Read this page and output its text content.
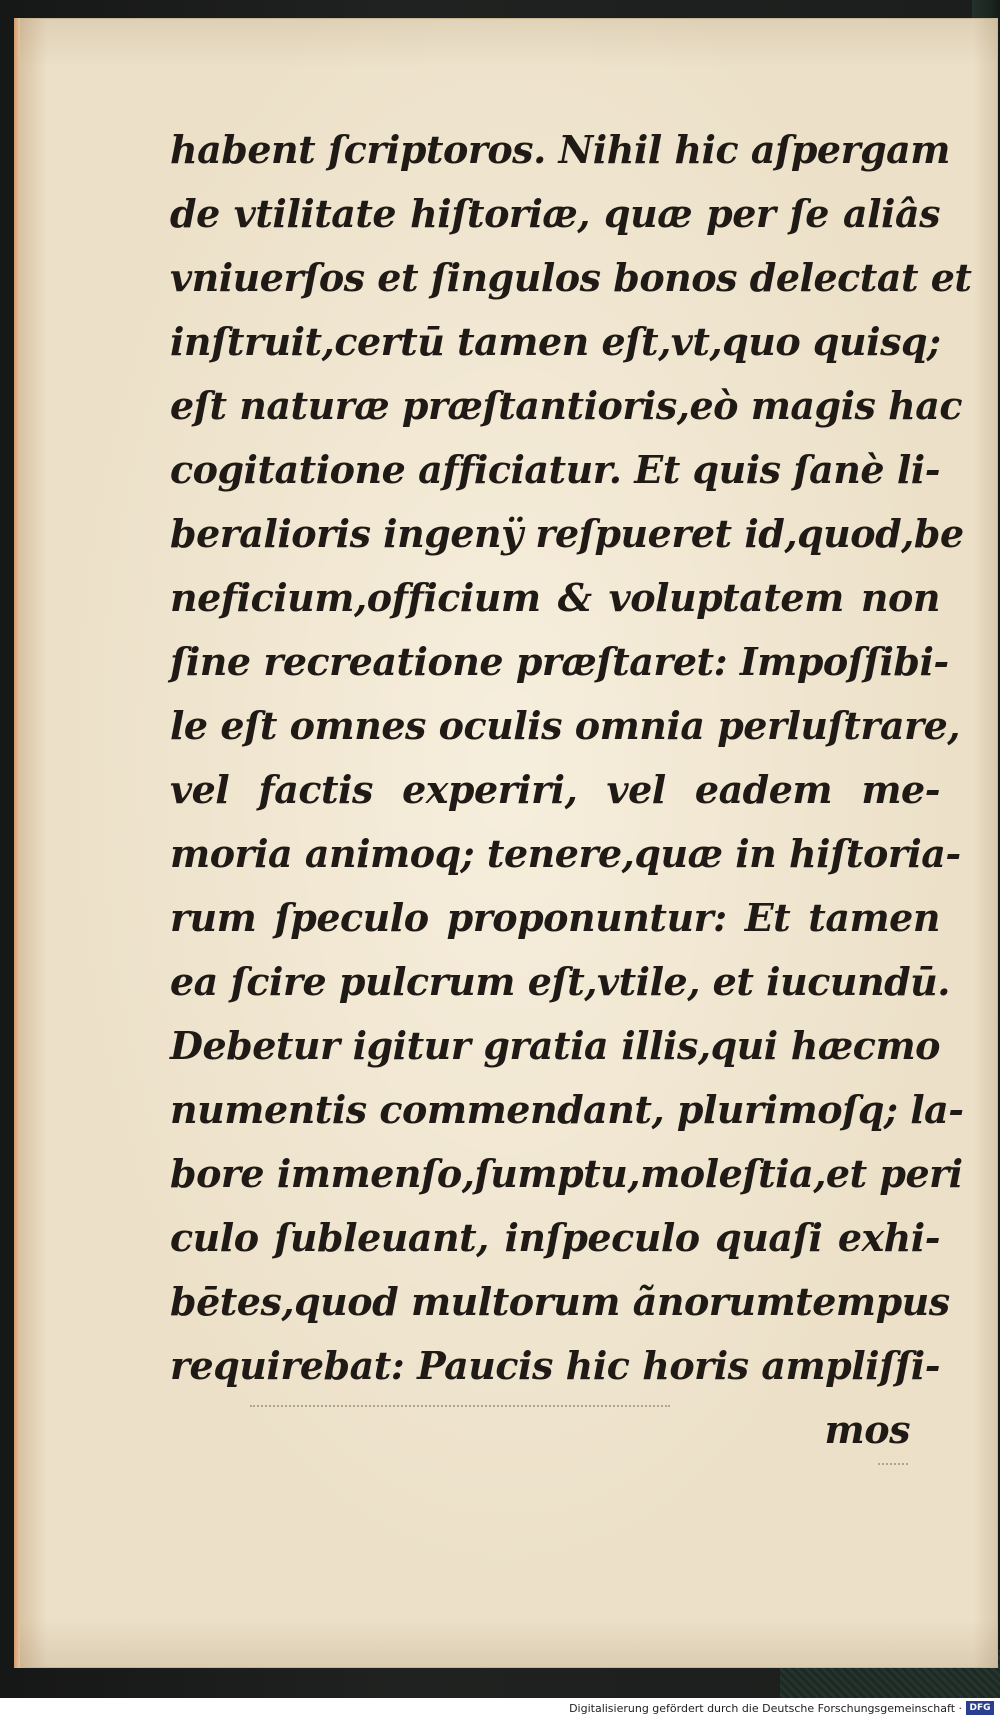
habent ſcriptoros. Nihil hic aſpergam
de vtilitate hiſtoriæ, quæ per ſe aliâs
vniuerſos et ſingulos bonos delectat et
inſtruit,certū tamen eſt,vt,quo quisq;
eſt naturæ præſtantioris,eò magis hac
cogitatione afficiatur. Et quis ſanè li-
beralioris ingenÿ reſpueret id,quod,be
neficium,officium & voluptatem non
ſine recreatione præſtaret: Impoſſibi-
le eſt omnes oculis omnia perluſtrare,
vel factis experiri, vel eadem me-
moria animoq; tenere,quæ in hiſtoria-
rum ſpeculo proponuntur: Et tamen
ea ſcire pulcrum eſt,vtile, et iucundū.
Debetur igitur gratia illis,qui hæcmo
numentis commendant, plurimoſq; la-
bore immenſo,ſumptu,moleſtia,et peri
culo ſubleuant, inſpeculo quaſi exhi-
bētes,quod multorum ãnorumtempus
requirebat: Paucis hic horis ampliſſi-
mos
Digitalisierung gefördert durch die Deutsche Forschungsgemeinschaft · DFG
